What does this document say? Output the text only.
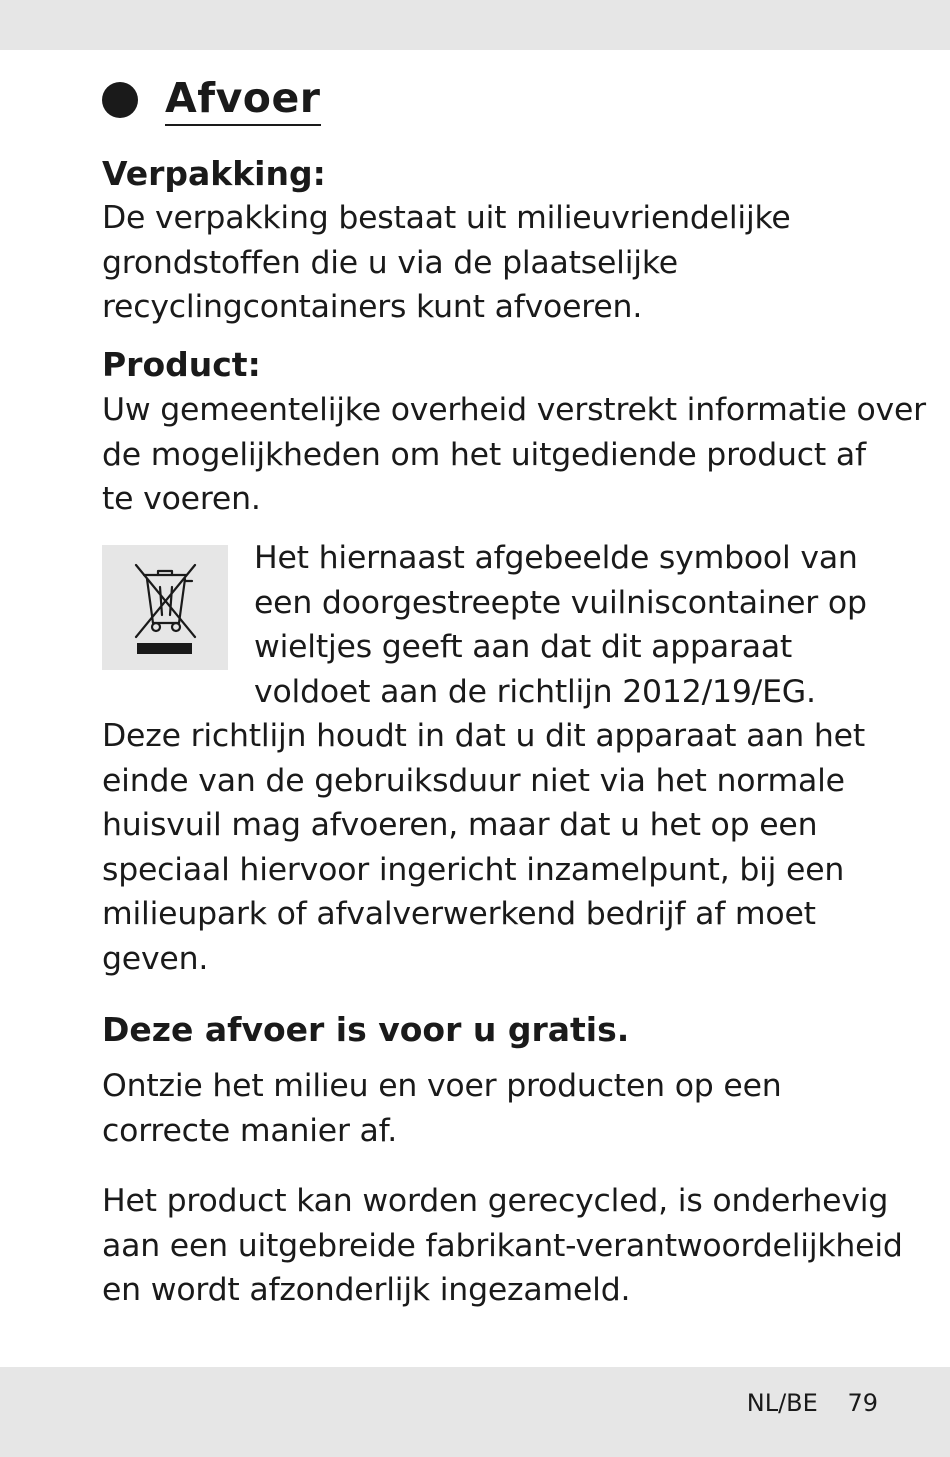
Afvoer
Verpakking:

De verpakking bestaat uit milieuvriendelijke
grondstoffen die u via de plaatselijke
recyclingcontainers kunt afvoeren.

Product:

Uw gemeentelijke overheid verstrekt informatie over
de mogelijkheden om het uitgediende product af
te voeren.

Het hiernaast afgebeelde symbool van
een doorgestreepte vuilniscontainer op
wieltjes geeft aan dat dit apparaat
voldoet aan de richtlijn 2012/19/EG.

Deze richtlijn houdt in dat u dit apparaat aan het
einde van de gebruiksduur niet via het normale
huisvuil mag afvoeren, maar dat u het op een
speciaal hiervoor ingericht inzamelpunt, bij een
milieupark of afvalverwerkend bedrijf af moet
geven.

Deze afvoer is voor u gratis.

Ontzie het milieu en voer producten op een
correcte manier af.

Het product kan worden gerecycled, is onderhevig
aan een uitgebreide fabrikant-verantwoordelijkheid
en wordt afzonderlijk ingezameld.

NL/BE 79
